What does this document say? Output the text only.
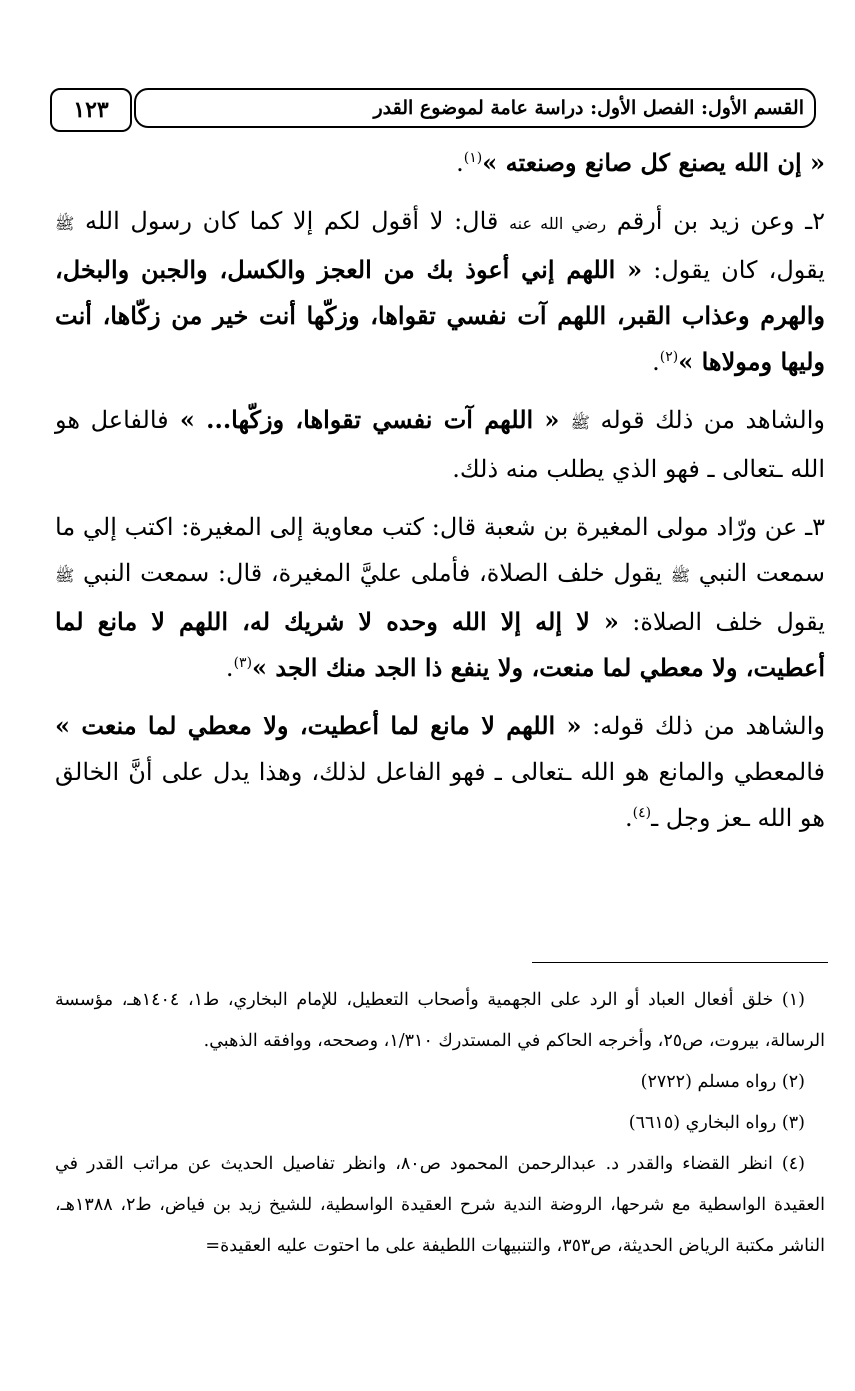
١٢٣	القسم الأول: الفصل الأول: دراسة عامة لموضوع القدر

« إن الله يصنع كل صانع وصنعته »$^{(١)}$.

٢ـ وعن زيد بن أرقم رضي الله عنه قال: لا أقول لكم إلا كما كان رسول الله ﷺ يقول، كان يقول: « اللهم إني أعوذ بك من العجز والكسل، والجبن والبخل، والهرم وعذاب القبر، اللهم آت نفسي تقواها، وزكّها أنت خير من زكّاها، أنت وليها ومولاها »$^{(٢)}$.

والشاهد من ذلك قوله ﷺ « اللهم آت نفسي تقواها، وزكّها... » فالفاعل هو الله ـتعالى ـ فهو الذي يطلب منه ذلك.

٣ـ عن ورّاد مولى المغيرة بن شعبة قال: كتب معاوية إلى المغيرة: اكتب إلي ما سمعت النبي ﷺ يقول خلف الصلاة، فأملى عليَّ المغيرة، قال: سمعت النبي ﷺ يقول خلف الصلاة: « لا إله إلا الله وحده لا شريك له، اللهم لا مانع لما أعطيت، ولا معطي لما منعت، ولا ينفع ذا الجد منك الجد »$^{(٣)}$.

والشاهد من ذلك قوله: « اللهم لا مانع لما أعطيت، ولا معطي لما منعت » فالمعطي والمانع هو الله ـتعالى ـ فهو الفاعل لذلك، وهذا يدل على أنَّ الخالق هو الله ـعز وجل ـ$^{(٤)}$.

(١) خلق أفعال العباد أو الرد على الجهمية وأصحاب التعطيل، للإمام البخاري، ط١، ١٤٠٤هـ، مؤسسة الرسالة، بيروت، ص٢٥، وأخرجه الحاكم في المستدرك ١/٣١٠، وصححه، ووافقه الذهبي.

(٢) رواه مسلم (٢٧٢٢)

(٣) رواه البخاري (٦٦١٥)

(٤) انظر القضاء والقدر د. عبدالرحمن المحمود ص٨٠، وانظر تفاصيل الحديث عن مراتب القدر في العقيدة الواسطية مع شرحها، الروضة الندية شرح العقيدة الواسطية، للشيخ زيد بن فياض، ط٢، ١٣٨٨هـ، الناشر مكتبة الرياض الحديثة، ص٣٥٣، والتنبيهات اللطيفة على ما احتوت عليه العقيدة=
